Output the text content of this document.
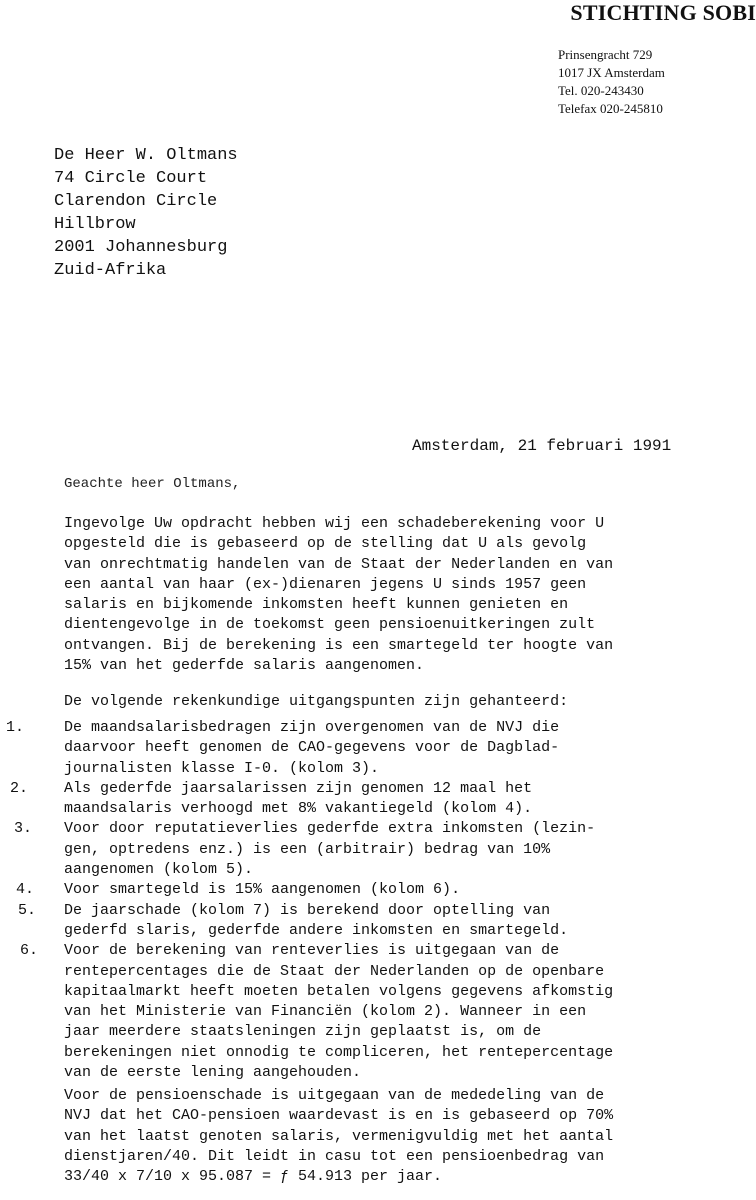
STICHTING SOBI
Prinsengracht 729
1017 JX Amsterdam
Tel. 020-243430
Telefax 020-245810
De Heer W. Oltmans
74 Circle Court
Clarendon Circle
Hillbrow
2001 Johannesburg
Zuid-Afrika
Amsterdam, 21 februari 1991
Geachte heer Oltmans,
Ingevolge Uw opdracht hebben wij een schadeberekening voor U
opgesteld die is gebaseerd op de stelling dat U als gevolg
van onrechtmatig handelen van de Staat der Nederlanden en van
een aantal van haar (ex-)dienaren jegens U sinds 1957 geen
salaris en bijkomende inkomsten heeft kunnen genieten en
dientengevolge in de toekomst geen pensioenuitkeringen zult
ontvangen. Bij de berekening is een smartegeld ter hoogte van
15% van het gederfde salaris aangenomen.
De volgende rekenkundige uitgangspunten zijn gehanteerd:
1.	De maandsalarisbedragen zijn overgenomen van de NVJ die
daarvoor heeft genomen de CAO-gegevens voor de Dagblad-
journalisten klasse I-0. (kolom 3).
2. Als gederfde jaarsalarissen zijn genomen 12 maal het
maandsalaris verhoogd met 8% vakantiegeld (kolom 4).
3. Voor door reputatieverlies gederfde extra inkomsten (lezin-
gen, optredens enz.) is een (arbitrair) bedrag van 10%
aangenomen (kolom 5).
4. Voor smartegeld is 15% aangenomen (kolom 6).
5. De jaarschade (kolom 7) is berekend door optelling van
gederfd slaris, gederfde andere inkomsten en smartegeld.
6. Voor de berekening van renteverlies is uitgegaan van de
rentepercentages die de Staat der Nederlanden op de openbare
kapitaalmarkt heeft moeten betalen volgens gegevens afkomstig
van het Ministerie van Financiën (kolom 2). Wanneer in een
jaar meerdere staatsleningen zijn geplaatst is, om de
berekeningen niet onnodig te compliceren, het rentepercentage
van de eerste lening aangehouden.
Voor de pensioenschade is uitgegaan van de mededeling van de
NVJ dat het CAO-pensioen waardevast is en is gebaseerd op 70%
van het laatst genoten salaris, vermenigvuldig met het aantal
dienstjaren/40. Dit leidt in casu tot een pensioenbedrag van
33/40 x 7/10 x 95.087 = ƒ 54.913 per jaar.
